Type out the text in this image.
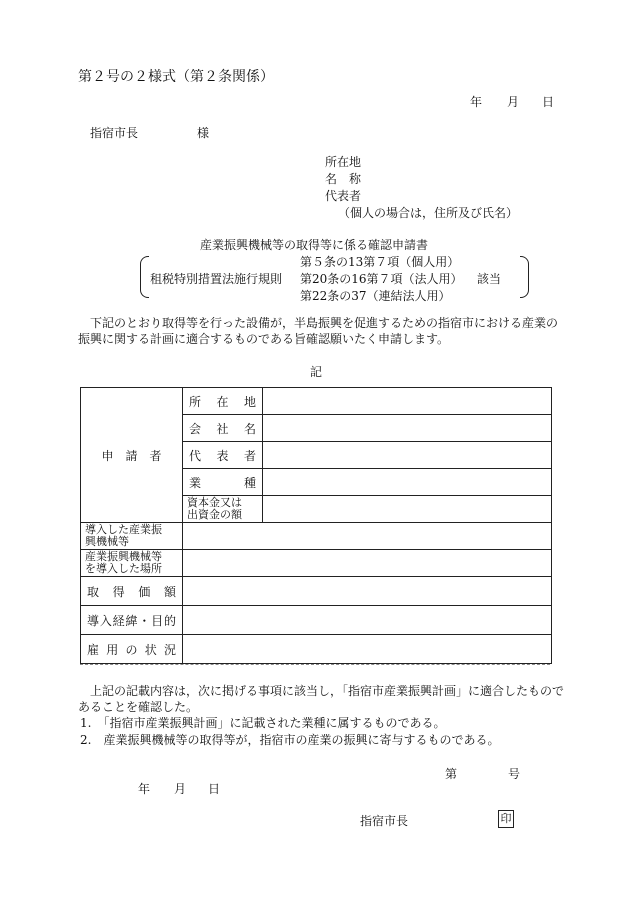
第２号の２様式（第２条関係）
年 月 日
指宿市長	様
所在地
名　称
代表者
（個人の場合は，住所及び氏名）
産業振興機械等の取得等に係る確認申請書
租税特別措置法施行規則
第５条の13第７項（個人用）
第20条の16第７項（法人用）
第22条の37（連結法人用）
該当

下記のとおり取得等を行った設備が，半島振興を促進するための指宿市における産業の

振興に関する計画に適合するものである旨確認願いたく申請します。

記
申　請　者	所在地	
	会社名	
	代表者	
	業種	

	資本金又は
出資金の額	

導入した産業振
興機械等		

産業振興機械等
を導入した場所		

取得価額		
導入経緯・目的		
雇用の状況		

上記の記載内容は，次に掲げる事項に該当し，「指宿市産業振興計画」に適合したもので

あることを確認した。

1.　「指宿市産業振興計画」に記載された業種に属するものである。

2.　産業振興機械等の取得等が，指宿市の産業の振興に寄与するものである。

第	号
年 月 日
指宿市長	印
